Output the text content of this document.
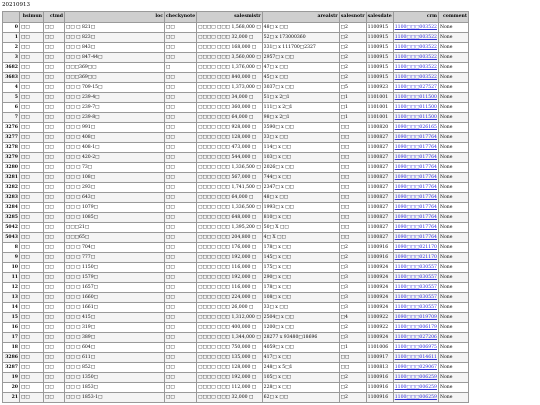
20210913
	hsimun	ctmd	loc	checkynote	salesmistr	arealstr	salesnotr	salesdate	crm	comment
0	□□	□□	□□ □ 821□	□□	□□□□ □□□ 1,568,000 □	48□ x □□	□2	1100915	1100□□□003522	None
1	□□	□□	□□ □ 823□	□□	□□□□ □□□ 32,000 □	52□ x 173000360	□2	1100915	1100□□□003522	None
2	□□	□□	□□ □ 843□	□□	□□□□ □□□ 168,000 □	331□ x 111700□2327	□2	1100915	1100□□□003522	None
3	□□	□□	□□ □ 847-44□	□□	□□□□ □□□ 3,560,000 □	2957□ x □□	□2	1100915	1100□□□003522	None
3682	□□	□□	□□□369□□	□	□□□□ □□□ 1,376,000 □	47□ x □□	□2	1100915	1100□□□003522	None
3683	□□	□□	□□□369□□	□□	□□□□ □□□ 840,000 □	45□ x □□	□2	1100915	1100□□□003522	None
4	□□	□□	□□ □ 709-15□	□□	□□□□ □□□ 1,373,000 □	3037□ x □□	□5	1100923	1100□□□027527	None
5	□□	□□	□□ □ 239-4□	□□	□□□□ □□□ 34,000 □	51□ x 2□1	□1	1101001	1100□□□011500	None
6	□□	□□	□□ □ 239-7□	□□	□□□□ □□□ 360,000 □	111□ x 2□1	□1	1101001	1100□□□011500	None
7	□□	□□	□□ □ 239-8□	□□	□□□□ □□□ 64,000 □	98□ x 2□1	□1	1101001	1100□□□011500	None
3276	□□	□□	□□ □ 991□	□□	□□□□ □□□ 928,000 □	3590□ x □□	□□	1100820	1090□□□026165	None
3277	□□	□□	□□ □ 408□	□□	□□□□ □□□ 128,000 □	33□ x □□	□□	1100827	1090□□□017764	None
3278	□□	□□	□□ □ 408-1□	□□	□□□□ □□□ 473,000 □	114□ x □□	□□	1100827	1090□□□017764	None
3279	□□	□□	□□ □ 420-2□	□□	□□□□ □□□ 544,000 □	103□ x □□	□□	1100827	1090□□□017764	None
3280	□□	□□	□□ □ 73□	□□	□□□□ □□□ 1,336,500 □	2026□ x □□	□□	1100827	1090□□□017764	None
3281	□□	□□	□□ □ 108□	□□	□□□□ □□□ 567,000 □	744□ x □□	□□	1100827	1090□□□017764	None
3282	□□	□□	□□ □ 293□	□□	□□□□ □□□ 1,741,500 □	2347□ x □□	□□	1100827	1090□□□017764	None
3283	□□	□□	□□ □ 643□	□□	□□□□ □□□ 64,000 □	48□ x □□	□□	1100827	1090□□□017764	None
3284	□□	□□	□□ □ 1079□	□□	□□□□ □□□ 1,336,500 □	1993□ x □□	□□	1100827	1090□□□017764	None
3285	□□	□□	□□ □ 1085□	□□	□□□□ □□□ 648,000 □	810□ x □□	□□	1100827	1090□□□017764	None
5042	□□	□□	□□□21□	□□	□□□□ □□□ 1,395,200 □	50□ X □□	□□	1100827	1090□□□017764	None
5043	□□	□□	□□□65□	□□	□□□□ □□□ 204,800 □	4□ X □□	□□	1100827	1090□□□017764	None
8	□□	□□	□□ □ 704□	□□	□□□□ □□□ 176,000 □	178□ x □□	□2	1100916	1090□□□021170	None
9	□□	□□	□□ □ 777□	□□	□□□□ □□□ 192,000 □	145□ x □□	□2	1100916	1090□□□021170	None
10	□□	□□	□□ □ 1150□	□□	□□□□ □□□ 116,000 □	175□ x □□	□3	1100924	1100□□□030557	None
11	□□	□□	□□ □ 1579□	□□	□□□□ □□□ 192,000 □	290□ x □□	□3	1100924	1100□□□030557	None
12	□□	□□	□□ □ 1657□	□□	□□□□ □□□ 116,000 □	178□ x □□	□3	1100924	1100□□□030557	None
13	□□	□□	□□ □ 1660□	□□	□□□□ □□□ 224,000 □	108□ x □□	□3	1100924	1100□□□030557	None
14	□□	□□	□□ □ 1661□	□□	□□□□ □□□ 26,000 □	33□ x □□	□3	1100924	1100□□□030557	None
15	□□	□□	□□ □ 415□	□□	□□□□ □□□ 1,312,000 □	2504□ x □□	□4	1100922	1090□□□019709	None
16	□□	□□	□□ □ 319□	□□	□□□□ □□□ 400,000 □	1200□ x □□	□2	1100922	1100□□□006179	None
17	□□	□□	□□ □ 389□	□□	□□□□ □□□ 1,344,000 □	28277 x 93480□18696	□3	1100924	1100□□□027206	None
18	□□	□□	□□ □ 604□	□□	□□□□ □□□ 750,000 □	4059□ x □□	□1	1101006	1100□□□006975	None
3286	□□	□□	□□ □ 611□	□□	□□□□ □□□ 135,000 □	417□ x □□	□□	1100917	1100□□□014611	None
3287	□□	□□	□□ □ 852□	□□	□□□□ □□□ 128,000 □	248□ x 5□1	□□	1100813	1090□□□029067	None
19	□□	□□	□□ □ 1350□	□□	□□□□ □□□ 192,000 □	105□ x □□	□2	1100916	1100□□□006259	None
20	□□	□□	□□ □ 1853□	□□	□□□□ □□□ 112,000 □	228□ x □□	□2	1100916	1100□□□006259	None
21	□□	□□	□□ □ 1853-1□	□□	□□□□ □□□ 32,000 □	62□ x □□	□2	1100916	1100□□□006259	None
